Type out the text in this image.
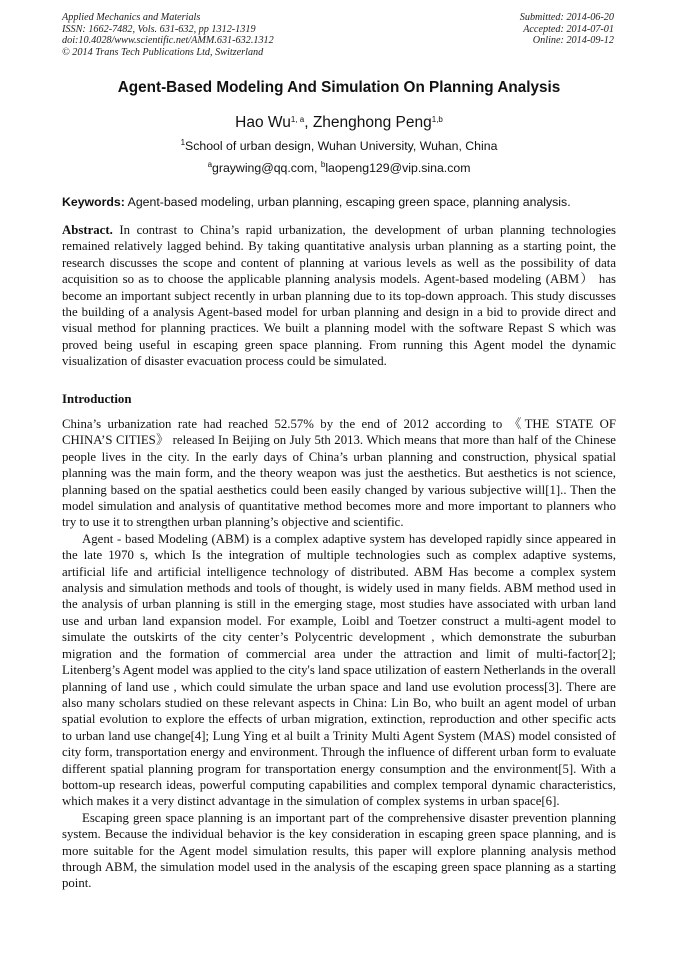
Applied Mechanics and Materials
ISSN: 1662-7482, Vols. 631-632, pp 1312-1319
doi:10.4028/www.scientific.net/AMM.631-632.1312
© 2014 Trans Tech Publications Ltd, Switzerland
Submitted: 2014-06-20
Accepted: 2014-07-01
Online: 2014-09-12
Agent-Based Modeling And Simulation On Planning Analysis
Hao Wu$^{1, a}$, Zhenghong Peng$^{1,b}$
$^1$School of urban design, Wuhan University, Wuhan, China
$^a$graywing@qq.com, $^b$laopeng129@vip.sina.com
Keywords: Agent-based modeling, urban planning, escaping green space, planning analysis.

Abstract. In contrast to China’s rapid urbanization, the development of urban planning technologies remained relatively lagged behind. By taking quantitative analysis urban planning as a starting point, the research discusses the scope and content of planning at various levels as well as the possibility of data acquisition so as to choose the applicable planning analysis models. Agent-based modeling (ABM） has become an important subject recently in urban planning due to its top-down approach. This study discusses the building of a analysis Agent-based model for urban planning and design in a bid to provide direct and visual method for planning practices. We built a planning model with the software Repast S which was proved being useful in escaping green space planning. From running this Agent model the dynamic visualization of disaster evacuation process could be simulated.

Introduction

China’s urbanization rate had reached 52.57% by the end of 2012 according to 《THE STATE OF CHINA’S CITIES》 released In Beijing on July 5th 2013. Which means that more than half of the Chinese people lives in the city. In the early days of China’s urban planning and construction, physical spatial planning was the main form, and the theory weapon was just the aesthetics. But aesthetics is not science, planning based on the spatial aesthetics could been easily changed by various subjective will[1].. Then the model simulation and analysis of quantitative method becomes more and more important to planners who try to use it to strengthen urban planning’s objective and scientific.

Agent - based Modeling (ABM) is a complex adaptive system has developed rapidly since appeared in the late 1970 s, which Is the integration of multiple technologies such as complex adaptive systems, artificial life and artificial intelligence technology of distributed. ABM Has become a complex system analysis and simulation methods and tools of thought, is widely used in many fields. ABM method used in the analysis of urban planning is still in the emerging stage, most studies have associated with urban land use and urban land expansion model. For example, Loibl and Toetzer construct a multi-agent model to simulate the outskirts of the city center’s Polycentric development , which demonstrate the suburban migration and the formation of commercial area under the attraction and limit of multi-factor[2]; Litenberg’s Agent model was applied to the city's land space utilization of eastern Netherlands in the overall planning of land use , which could simulate the urban space and land use evolution process[3]. There are also many scholars studied on these relevant aspects in China: Lin Bo, who built an agent model of urban spatial evolution to explore the effects of urban migration, extinction, reproduction and other specific acts to urban land use change[4]; Lung Ying et al built a Trinity Multi Agent System (MAS) model consisted of city form, transportation energy and environment. Through the influence of different urban form to evaluate different spatial planning program for transportation energy consumption and the environment[5]. With a bottom-up research ideas, powerful computing capabilities and complex temporal dynamic characteristics, which makes it a very distinct advantage in the simulation of complex systems in urban space[6].

Escaping green space planning is an important part of the comprehensive disaster prevention planning system. Because the individual behavior is the key consideration in escaping green space planning, and is more suitable for the Agent model simulation results, this paper will explore planning analysis method through ABM, the simulation model used in the analysis of the escaping green space planning as a starting point.
